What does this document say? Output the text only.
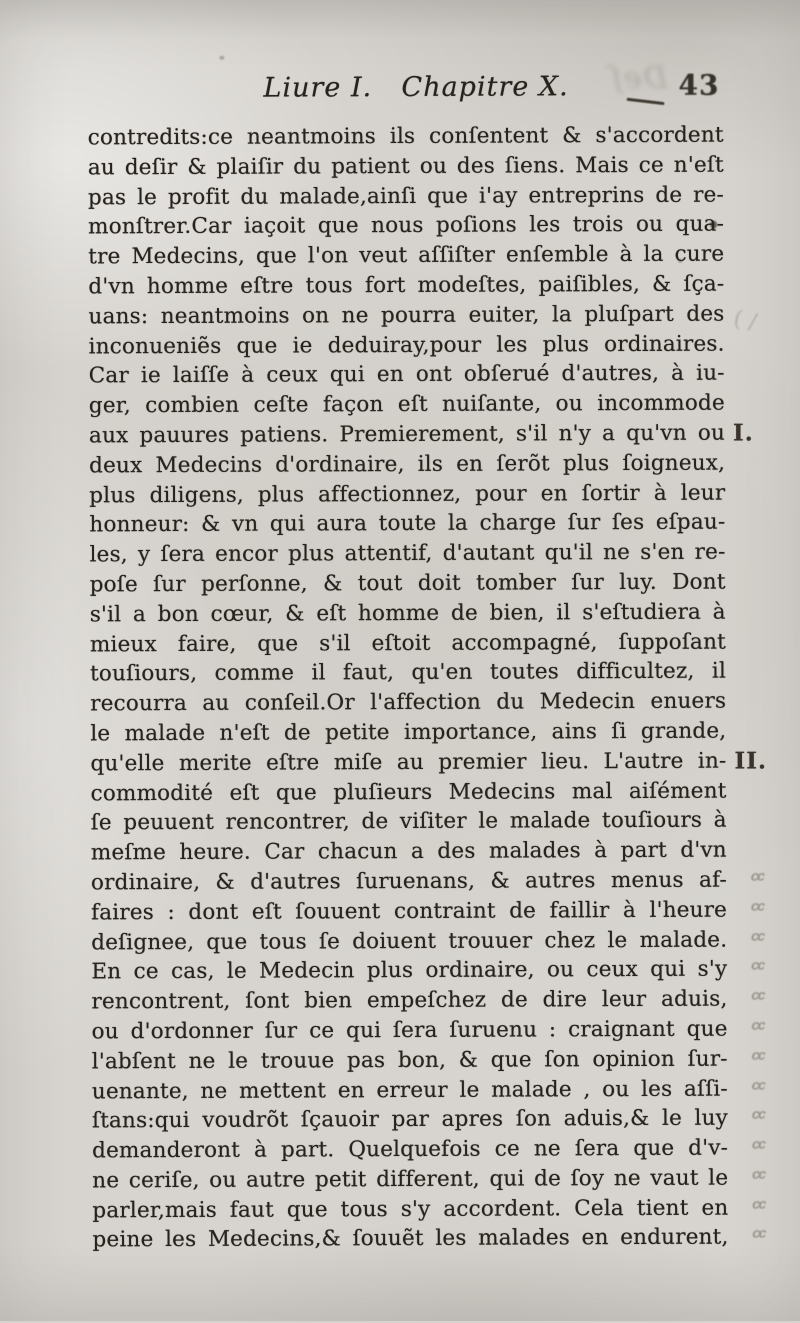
Liure I. Chapitre X.	43
Deſ
( /
contredits:ce neantmoins ils conſentent & s'accordent
au deſir & plaiſir du patient ou des ſiens. Mais ce n'eſt
pas le profit du malade,ainſi que i'ay entreprins de re-
monſtrer.Car iaçoit que nous poſions les trois ou qua-
tre Medecins, que l'on veut aſſiſter enſemble à la cure
d'vn homme eſtre tous fort modeſtes, paiſibles, & ſça-
uans: neantmoins on ne pourra euiter, la pluſpart des
inconueniẽs que ie deduiray,pour les plus ordinaires.
Car ie laiſſe à ceux qui en ont obſerué d'autres, à iu-
ger, combien ceſte façon eſt nuiſante, ou incommode
aux pauures patiens. Premierement, s'il n'y a qu'vn ou I.
deux Medecins d'ordinaire, ils en ſerõt plus ſoigneux,
plus diligens, plus affectionnez, pour en ſortir à leur
honneur: & vn qui aura toute la charge ſur ſes eſpau-
les, y ſera encor plus attentif, d'autant qu'il ne s'en re-
poſe ſur perſonne, & tout doit tomber ſur luy. Dont
s'il a bon cœur, & eſt homme de bien, il s'eſtudiera à
mieux faire, que s'il eſtoit accompagné, ſuppoſant
touſiours, comme il faut, qu'en toutes difficultez, il
recourra au conſeil.Or l'affection du Medecin enuers
le malade n'eſt de petite importance, ains ſi grande,
qu'elle merite eſtre miſe au premier lieu. L'autre in- II.
commodité eſt que pluſieurs Medecins mal aiſément
ſe peuuent rencontrer, de viſiter le malade touſiours à
meſme heure. Car chacun a des malades à part d'vn
ordinaire, & d'autres ſuruenans, & autres menus af- cc
faires : dont eſt ſouuent contraint de faillir à l'heure cc
deſignee, que tous ſe doiuent trouuer chez le malade. cc
En ce cas, le Medecin plus ordinaire, ou ceux qui s'y cc
rencontrent, ſont bien empeſchez de dire leur aduis, cc
ou d'ordonner ſur ce qui ſera ſuruenu : craignant que cc
l'abſent ne le trouue pas bon, & que ſon opinion ſur- cc
uenante, ne mettent en erreur le malade , ou les aſſi- cc
ſtans:qui voudrõt ſçauoir par apres ſon aduis,& le luy cc
demanderont à part. Quelquefois ce ne ſera que d'v- cc
ne ceriſe, ou autre petit different, qui de ſoy ne vaut le cc
parler,mais faut que tous s'y accordent. Cela tient en cc
peine les Medecins,& ſouuẽt les malades en endurent, cc
